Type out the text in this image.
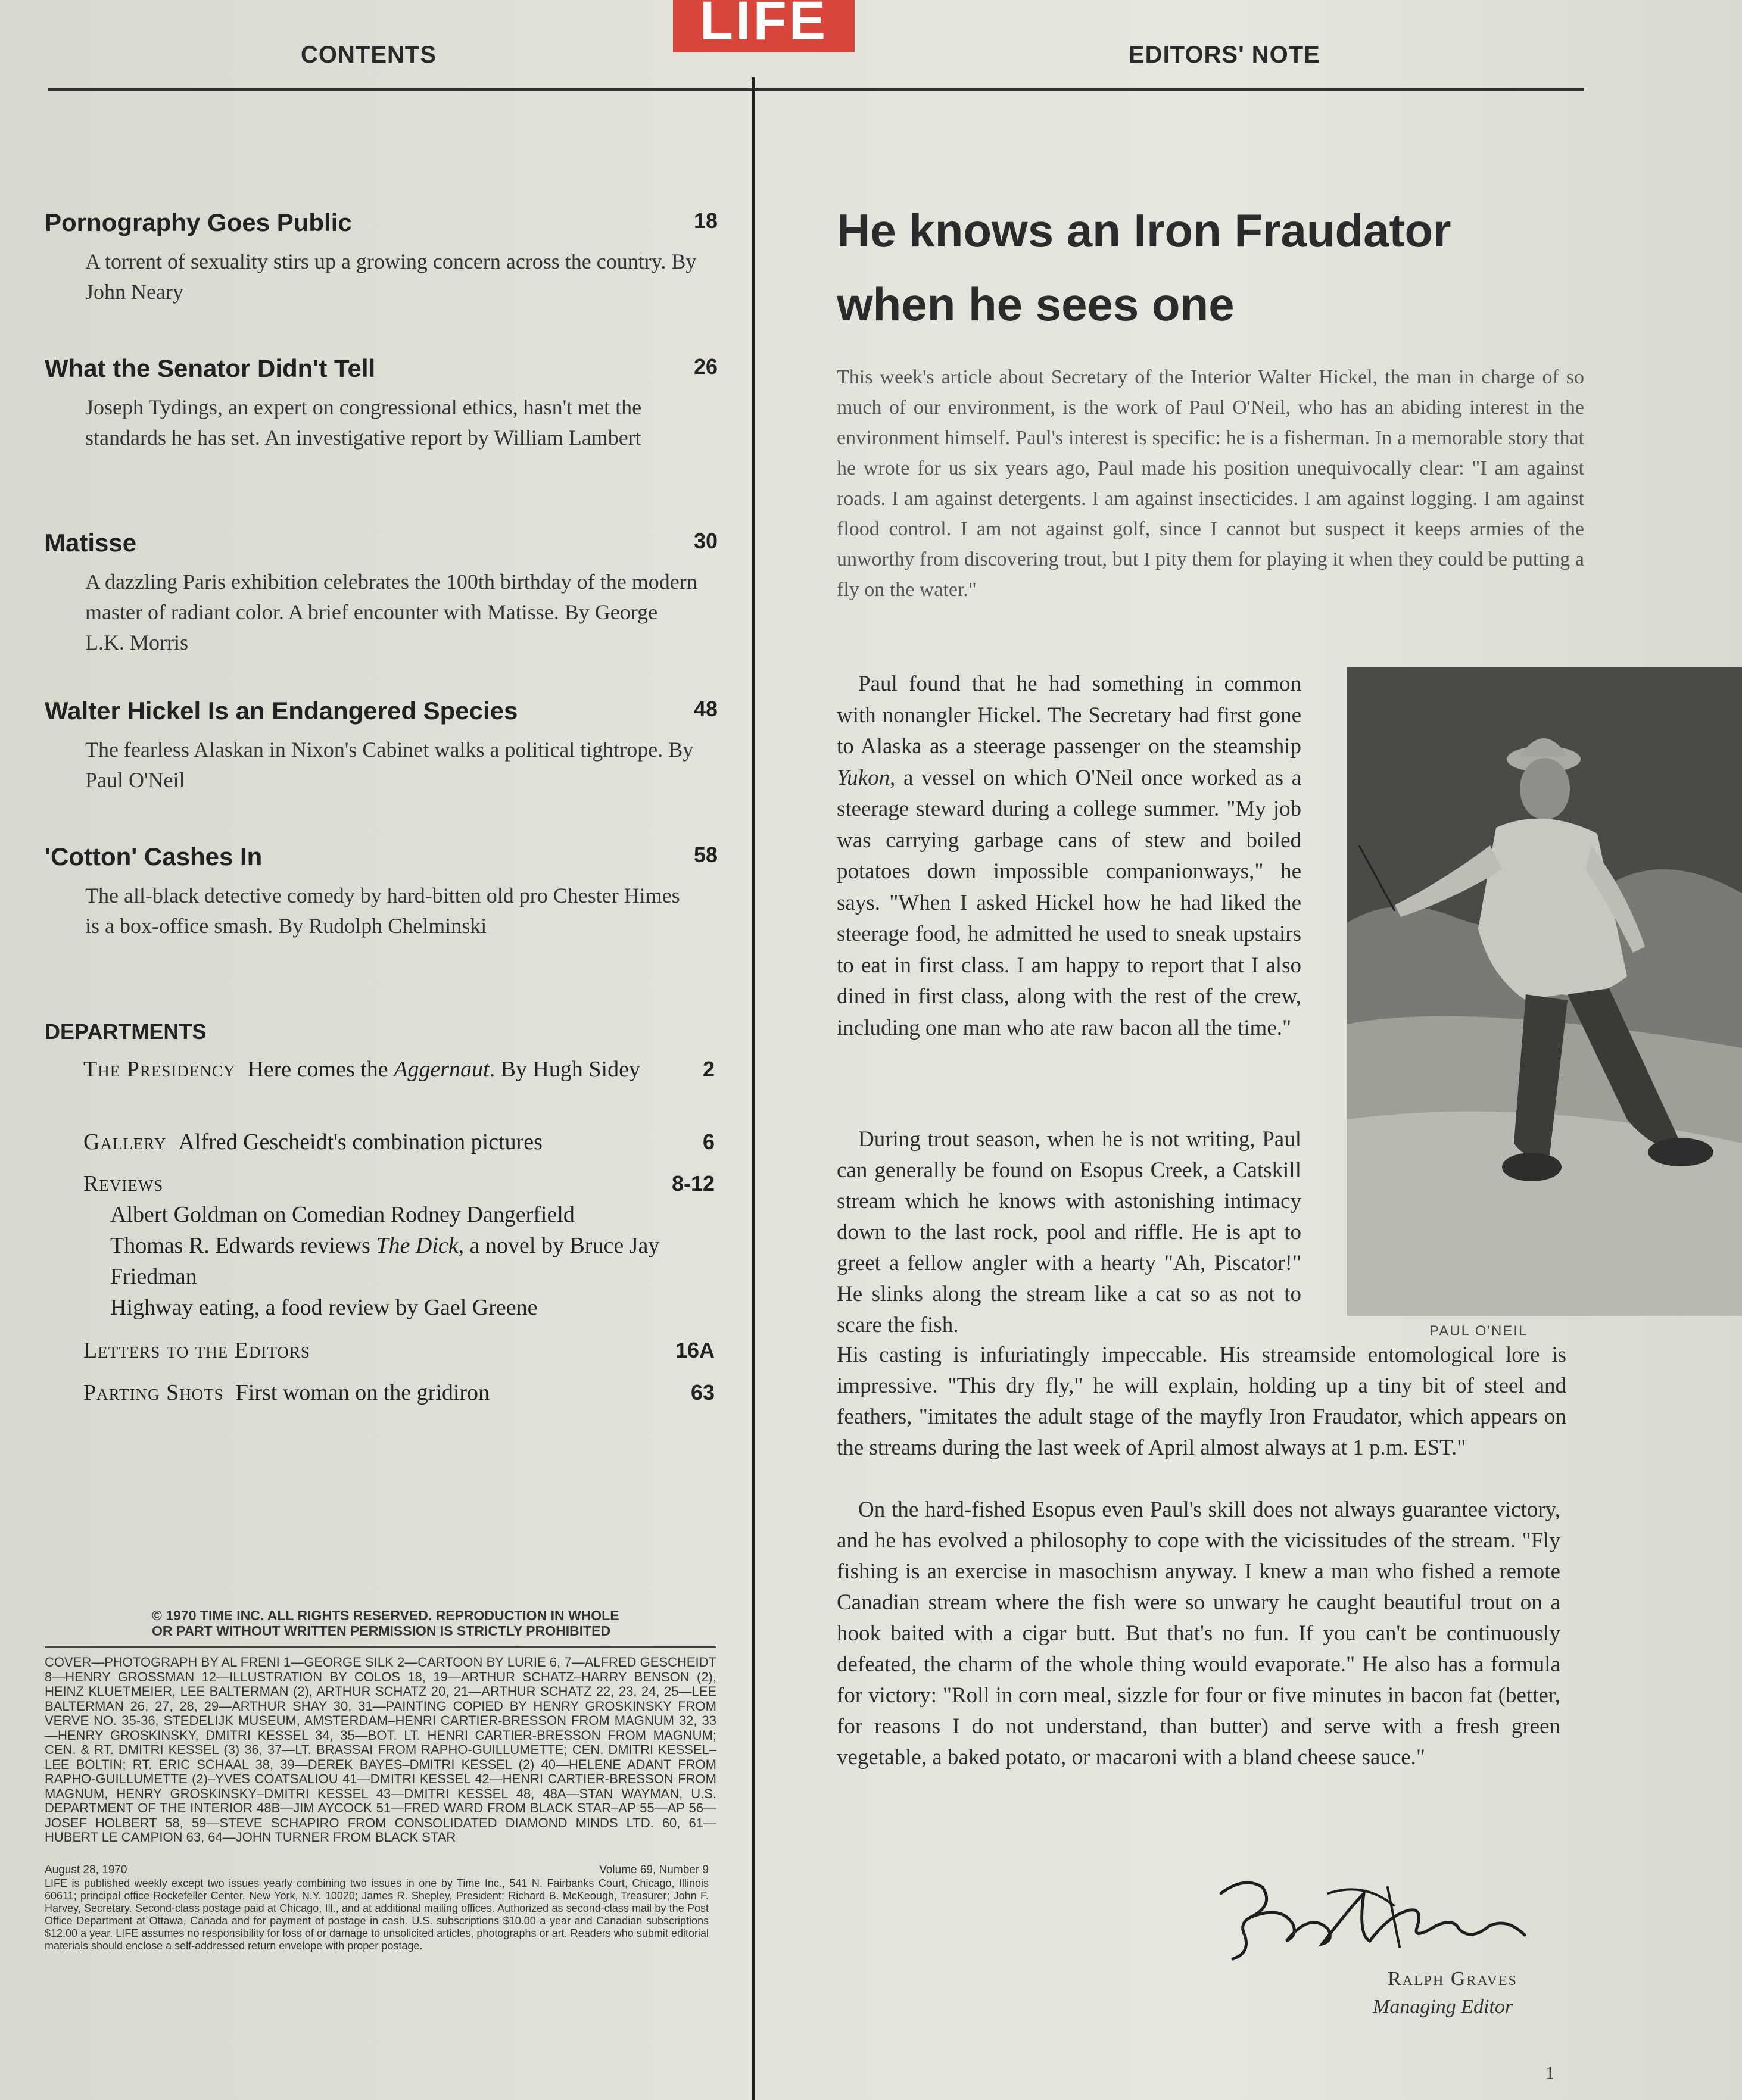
LIFE
CONTENTS	EDITORS' NOTE
Pornography Goes Public	18
A torrent of sexuality stirs up a growing concern across the country. By John Neary
What the Senator Didn't Tell	26
Joseph Tydings, an expert on congressional ethics, hasn't met the standards he has set. An investigative report by William Lambert
Matisse	30
A dazzling Paris exhibition celebrates the 100th birthday of the modern master of radiant color. A brief encounter with Matisse. By George L.K. Morris
Walter Hickel Is an Endangered Species	48
The fearless Alaskan in Nixon's Cabinet walks a political tightrope. By Paul O'Neil
'Cotton' Cashes In	58
The all-black detective comedy by hard-bitten old pro Chester Himes is a box-office smash. By Rudolph Chelminski
DEPARTMENTS
The Presidency Here comes the Aggernaut. By Hugh Sidey	2
Gallery Alfred Gescheidt's combination pictures	6
Reviews	8-12
Albert Goldman on Comedian Rodney Dangerfield
Thomas R. Edwards reviews The Dick, a novel by Bruce Jay Friedman
Highway eating, a food review by Gael Greene
Letters to the Editors	16A
Parting Shots First woman on the gridiron	63
© 1970 TIME INC. ALL RIGHTS RESERVED. REPRODUCTION IN WHOLE OR PART WITHOUT WRITTEN PERMISSION IS STRICTLY PROHIBITED
COVER—PHOTOGRAPH BY AL FRENI 1—GEORGE SILK 2—CARTOON BY LURIE 6, 7—ALFRED GESCHEIDT 8—HENRY GROSSMAN 12—ILLUSTRATION BY COLOS 18, 19—ARTHUR SCHATZ–HARRY BENSON (2), HEINZ KLUETMEIER, LEE BALTERMAN (2), ARTHUR SCHATZ 20, 21—ARTHUR SCHATZ 22, 23, 24, 25—LEE BALTERMAN 26, 27, 28, 29—ARTHUR SHAY 30, 31—PAINTING COPIED BY HENRY GROSKINSKY FROM VERVE NO. 35-36, STEDELIJK MUSEUM, AMSTERDAM–HENRI CARTIER-BRESSON FROM MAGNUM 32, 33—HENRY GROSKINSKY, DMITRI KESSEL 34, 35—BOT. LT. HENRI CARTIER-BRESSON FROM MAGNUM; CEN. & RT. DMITRI KESSEL (3) 36, 37—LT. BRASSAI FROM RAPHO-GUILLUMETTE; CEN. DMITRI KESSEL–LEE BOLTIN; RT. ERIC SCHAAL 38, 39—DEREK BAYES–DMITRI KESSEL (2) 40—HELENE ADANT FROM RAPHO-GUILLUMETTE (2)–YVES COATSALIOU 41—DMITRI KESSEL 42—HENRI CARTIER-BRESSON FROM MAGNUM, HENRY GROSKINSKY–DMITRI KESSEL 43—DMITRI KESSEL 48, 48A—STAN WAYMAN, U.S. DEPARTMENT OF THE INTERIOR 48B—JIM AYCOCK 51—FRED WARD FROM BLACK STAR–AP 55—AP 56—JOSEF HOLBERT 58, 59—STEVE SCHAPIRO FROM CONSOLIDATED DIAMOND MINDS LTD. 60, 61—HUBERT LE CAMPION 63, 64—JOHN TURNER FROM BLACK STAR
August 28, 1970	Volume 69, Number 9

LIFE is published weekly except two issues yearly combining two issues in one by Time Inc., 541 N. Fairbanks Court, Chicago, Illinois 60611; principal office Rockefeller Center, New York, N.Y. 10020; James R. Shepley, President; Richard B. McKeough, Treasurer; John F. Harvey, Secretary. Second-class postage paid at Chicago, Ill., and at additional mailing offices. Authorized as second-class mail by the Post Office Department at Ottawa, Canada and for payment of postage in cash. U.S. subscriptions $10.00 a year and Canadian subscriptions $12.00 a year. LIFE assumes no responsibility for loss of or damage to unsolicited articles, photographs or art. Readers who submit editorial materials should enclose a self-addressed return envelope with proper postage.

He knows an Iron Fraudator when he sees one

This week's article about Secretary of the Interior Walter Hickel, the man in charge of so much of our environment, is the work of Paul O'Neil, who has an abiding interest in the environment himself. Paul's interest is specific: he is a fisherman. In a memorable story that he wrote for us six years ago, Paul made his position unequivocally clear: "I am against roads. I am against detergents. I am against insecticides. I am against logging. I am against flood control. I am not against golf, since I cannot but suspect it keeps armies of the unworthy from discovering trout, but I pity them for playing it when they could be putting a fly on the water."

Paul found that he had something in common with nonangler Hickel. The Secretary had first gone to Alaska as a steerage passenger on the steamship Yukon, a vessel on which O'Neil once worked as a steerage steward during a college summer. "My job was carrying garbage cans of stew and boiled potatoes down impossible companionways," he says. "When I asked Hickel how he had liked the steerage food, he admitted he used to sneak upstairs to eat in first class. I am happy to report that I also dined in first class, along with the rest of the crew, including one man who ate raw bacon all the time."

During trout season, when he is not writing, Paul can generally be found on Esopus Creek, a Catskill stream which he knows with astonishing intimacy down to the last rock, pool and riffle. He is apt to greet a fellow angler with a hearty "Ah, Piscator!" He slinks along the stream like a cat so as not to scare the fish.

His casting is infuriatingly impeccable. His streamside entomological lore is impressive. "This dry fly," he will explain, holding up a tiny bit of steel and feathers, "imitates the adult stage of the mayfly Iron Fraudator, which appears on the streams during the last week of April almost always at 1 p.m. EST."

On the hard-fished Esopus even Paul's skill does not always guarantee victory, and he has evolved a philosophy to cope with the vicissitudes of the stream. "Fly fishing is an exercise in masochism anyway. I knew a man who fished a remote Canadian stream where the fish were so unwary he caught beautiful trout on a hook baited with a cigar butt. But that's no fun. If you can't be continuously defeated, the charm of the whole thing would evaporate." He also has a formula for victory: "Roll in corn meal, sizzle for four or five minutes in bacon fat (better, for reasons I do not understand, than butter) and serve with a fresh green vegetable, a baked potato, or macaroni with a bland cheese sauce."

PAUL O'NEIL
Ralph Graves
Managing Editor
1
